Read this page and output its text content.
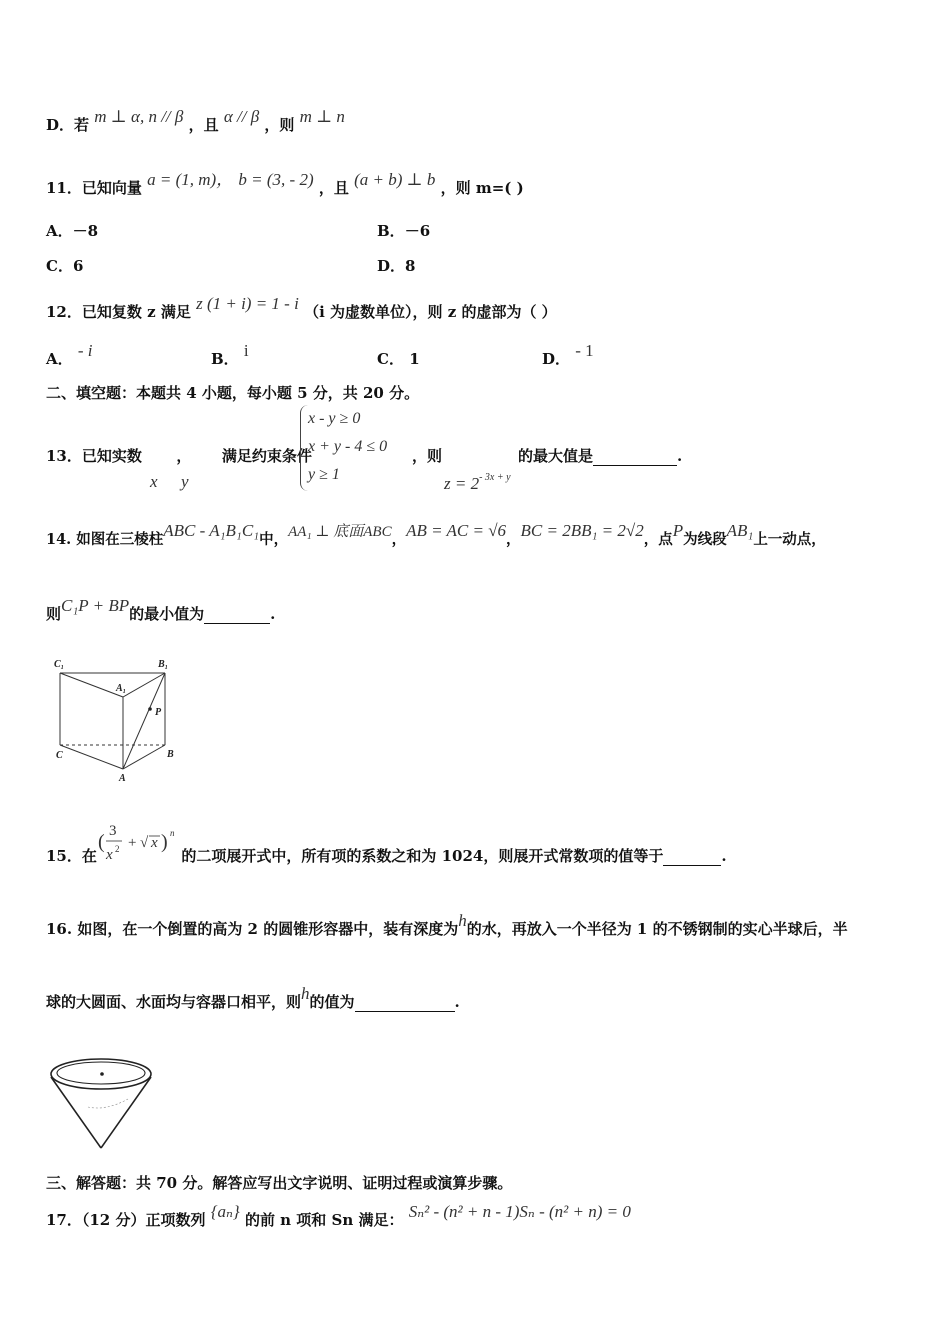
D．若 m ⊥ α, n // β ，且 α // β ，则 m ⊥ n
11．已知向量 a = (1, m)， b = (3, - 2) ，且 (a + b) ⊥ b ，则 m=( )
A．－8	B．－6
C．6	D．8
12．已知复数 z 满足 z (1 + i) = 1 - i （i 为虚数单位），则 z 的虚部为（ ）
A． - i	B． i	C． 1	D． - 1
二、填空题：本题共 4 小题，每小题 5 分，共 20 分。
13．已知实数 ， 满足约束条件
x - y ≥ 0
x + y - 4 ≤ 0
y ≥ 1
，则	的最大值是	.
x y	$z = 2^{- 3x + y}$
14. 如图在三棱柱ABC - A₁B₁C₁中，AA₁ ⊥ 底面ABC，AB = AC = √6，BC = 2BB₁ = 2√2，点P为线段AB₁上一动点，
则C₁P + BP的最小值为	.
C₁	B₁
A₁
P
C	B
A
15．在	(3/x² + √x)ⁿ	的二项展开式中，所有项的系数之和为 1024，则展开式常数项的值等于	.
( 3
x 2 + √ x ) n
16. 如图，在一个倒置的高为 2 的圆锥形容器中，装有深度为h的水，再放入一个半径为 1 的不锈钢制的实心半球后，半
球的大圆面、水面均与容器口相平，则h的值为	.
三、解答题：共 70 分。解答应写出文字说明、证明过程或演算步骤。
17．（12 分）正项数列 {aₙ} 的前 n 项和 Sn 满足： Sₙ² - (n² + n - 1)Sₙ - (n² + n) = 0
